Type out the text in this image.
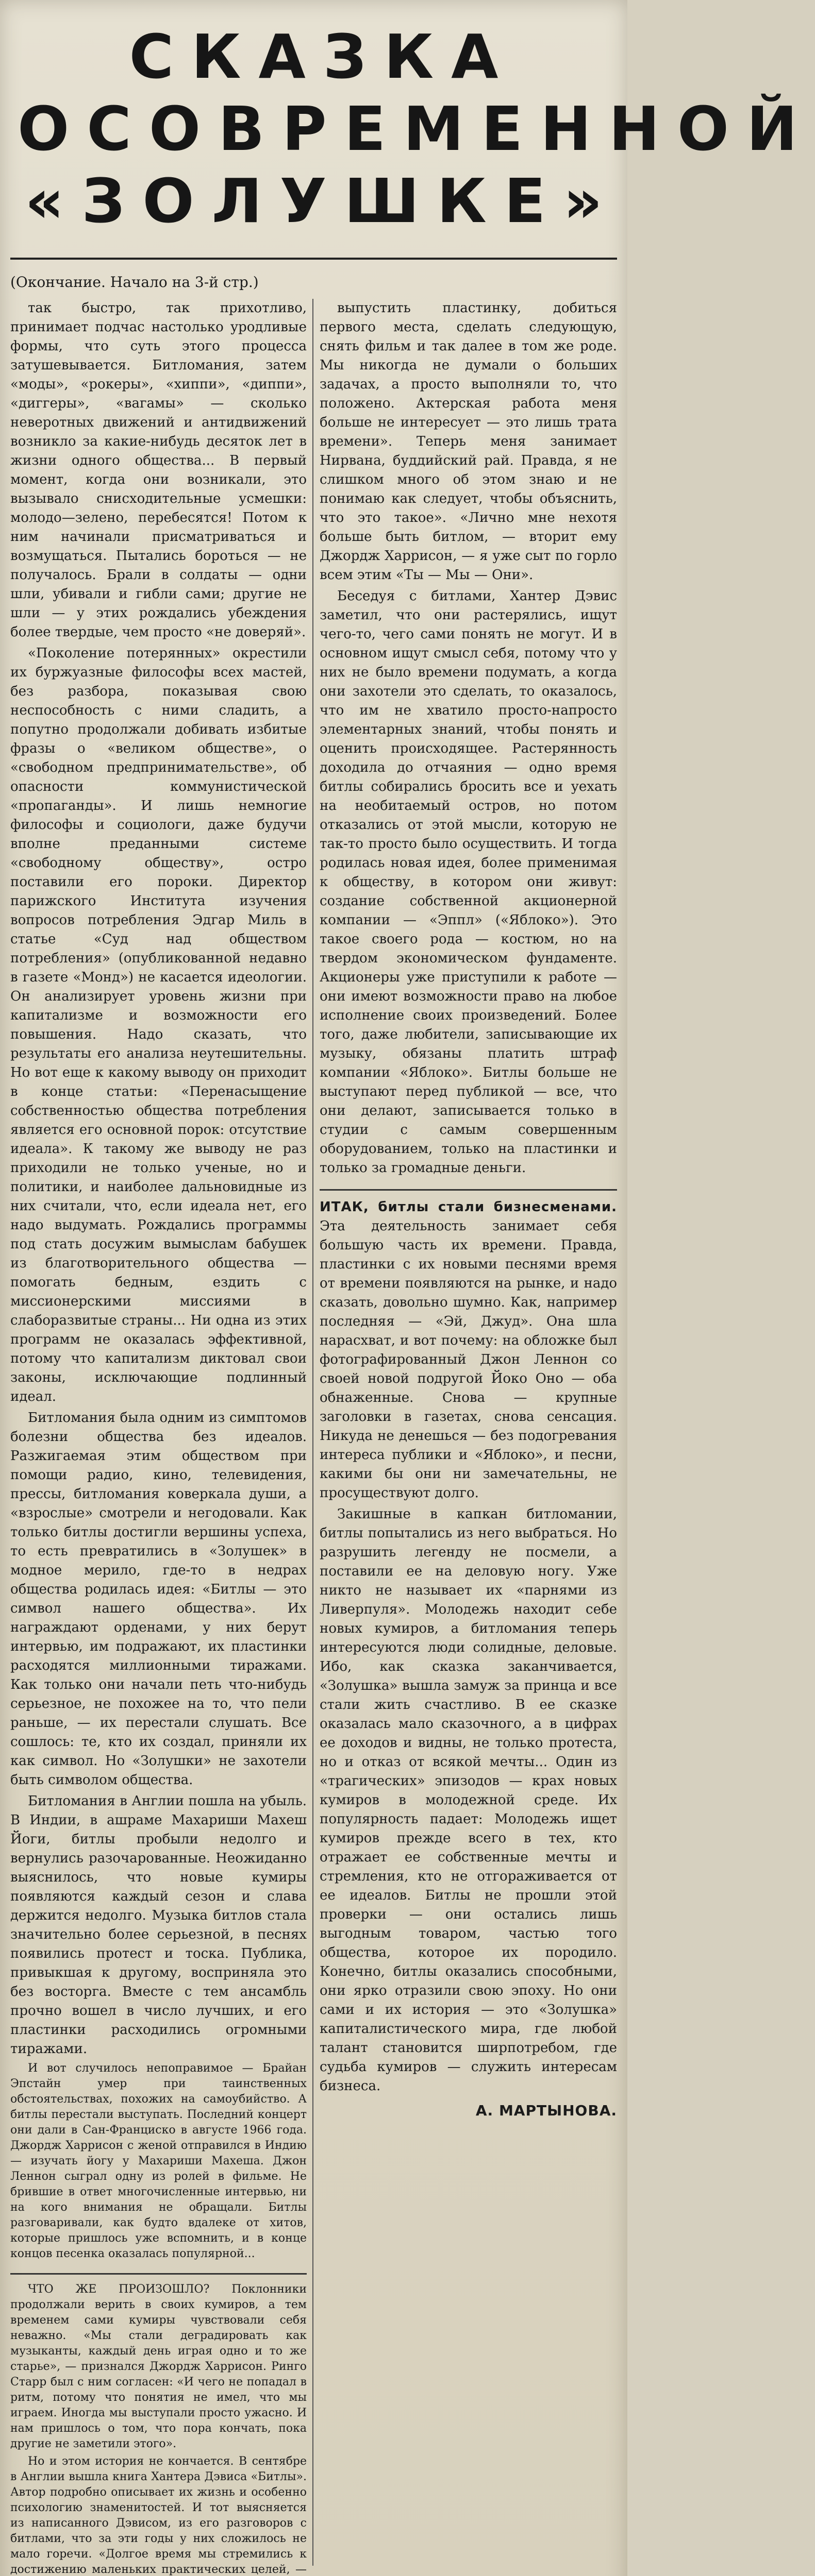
СКАЗКА
ОСОВРЕМЕННОЙ
«ЗОЛУШКЕ»
(Окончание. Начало на 3-й стр.)

так быстро, так прихотливо, принимает подчас настолько уродливые формы, что суть этого процесса затушевывается. Битломания, затем «моды», «рокеры», «хиппи», «диппи», «диггеры», «вагамы» — сколько неверотных движений и антидвижений возникло за какие-нибудь десяток лет в жизни одного общества... В первый момент, когда они возникали, это вызывало снисходительные усмешки: молодо—зелено, перебесятся! Потом к ним начинали присматриваться и возмущаться. Пытались бороться — не получалось. Брали в солдаты — одни шли, убивали и гибли сами; другие не шли — у этих рождались убеждения более твердые, чем просто «не доверяй».

«Поколение потерянных» окрестили их буржуазные философы всех мастей, без разбора, показывая свою неспособность с ними сладить, а попутно продолжали добивать избитые фразы о «великом обществе», о «свободном предпринимательстве», об опасности коммунистической «пропаганды». И лишь немногие философы и социологи, даже будучи вполне преданными системе «свободному обществу», остро поставили его пороки. Директор парижского Института изучения вопросов потребления Эдгар Миль в статье «Суд над обществом потребления» (опубликованной недавно в газете «Монд») не касается идеологии. Он анализирует уровень жизни при капитализме и возможности его повышения. Надо сказать, что результаты его анализа неутешительны. Но вот еще к какому выводу он приходит в конце статьи: «Перенасыщение собственностью общества потребления является его основной порок: отсутствие идеала». К такому же выводу не раз приходили не только ученые, но и политики, и наиболее дальновидные из них считали, что, если идеала нет, его надо выдумать. Рождались программы под стать досужим вымыслам бабушек из благотворительного общества — помогать бедным, ездить с миссионерскими миссиями в слаборазвитые страны... Ни одна из этих программ не оказалась эффективной, потому что капитализм диктовал свои законы, исключающие подлинный идеал.

Битломания была одним из симптомов болезни общества без идеалов. Разжигаемая этим обществом при помощи радио, кино, телевидения, прессы, битломания коверкала души, а «взрослые» смотрели и негодовали. Как только битлы достигли вершины успеха, то есть превратились в «Золушек» в модное мерило, где-то в недрах общества родилась идея: «Битлы — это символ нашего общества». Их награждают орденами, у них берут интервью, им подражают, их пластинки расходятся миллионными тиражами. Как только они начали петь что-нибудь серьезное, не похожее на то, что пели раньше, — их перестали слушать. Все сошлось: те, кто их создал, приняли их как символ. Но «Золушки» не захотели быть символом общества.

Битломания в Англии пошла на убыль. В Индии, в ашраме Махариши Махеш Йоги, битлы пробыли недолго и вернулись разочарованные. Неожиданно выяснилось, что новые кумиры появляются каждый сезон и слава держится недолго. Музыка битлов стала значительно более серьезной, в песнях появились протест и тоска. Публика, привыкшая к другому, восприняла это без восторга. Вместе с тем ансамбль прочно вошел в число лучших, и его пластинки расходились огромными тиражами.

И вот случилось непоправимое — Брайан Эпстайн умер при таинственных обстоятельствах, похожих на самоубийство. А битлы перестали выступать. Последний концерт они дали в Сан-Франциско в августе 1966 года. Джордж Харрисон с женой отправился в Индию — изучать йогу у Махариши Махеша. Джон Леннон сыграл одну из ролей в фильме. Не брившие в ответ многочисленные интервью, ни на кого внимания не обращали. Битлы разговаривали, как будто вдалеке от хитов, которые пришлось уже вспомнить, и в конце концов песенка оказалась популярной...

ЧТО ЖЕ ПРОИЗОШЛО? Поклонники продолжали верить в своих кумиров, а тем временем сами кумиры чувствовали себя неважно. «Мы стали деградировать как музыканты, каждый день играя одно и то же старье», — признался Джордж Харрисон. Ринго Старр был с ним согласен: «И чего не попадал в ритм, потому что понятия не имел, что мы играем. Иногда мы выступали просто ужасно. И нам пришлось о том, что пора кончать, пока другие не заметили этого».

Но и этом история не кончается. В сентябре в Англии вышла книга Хантера Дэвиса «Битлы». Автор подробно описывает их жизнь и особенно психологию знаменитостей. И тот выясняется из написанного Дэвисом, из его разговоров с битлами, что за эти годы у них сложилось не мало горечи. «Долгое время мы стремились к достижению маленьких практических целей, —

выпустить пластинку, добиться первого места, сделать следующую, снять фильм и так далее в том же роде. Мы никогда не думали о больших задачах, а просто выполняли то, что положено. Актерская работа меня больше не интересует — это лишь трата времени». Теперь меня занимает Нирвана, буддийский рай. Правда, я не слишком много об этом знаю и не понимаю как следует, чтобы объяснить, что это такое». «Лично мне нехотя больше быть битлом, — вторит ему Джордж Харрисон, — я уже сыт по горло всем этим «Ты — Мы — Они».

Беседуя с битлами, Хантер Дэвис заметил, что они растерялись, ищут чего-то, чего сами понять не могут. И в основном ищут смысл себя, потому что у них не было времени подумать, а когда они захотели это сделать, то оказалось, что им не хватило просто-напросто элементарных знаний, чтобы понять и оценить происходящее. Растерянность доходила до отчаяния — одно время битлы собирались бросить все и уехать на необитаемый остров, но потом отказались от этой мысли, которую не так-то просто было осуществить. И тогда родилась новая идея, более применимая к обществу, в котором они живут: создание собственной акционерной компании — «Эппл» («Яблоко»). Это такое своего рода — костюм, но на твердом экономическом фундаменте. Акционеры уже приступили к работе — они имеют возможности право на любое исполнение своих произведений. Более того, даже любители, записывающие их музыку, обязаны платить штраф компании «Яблоко». Битлы больше не выступают перед публикой — все, что они делают, записывается только в студии с самым совершенным оборудованием, только на пластинки и только за громадные деньги.

ИТАК, битлы стали бизнесменами. Эта деятельность занимает себя большую часть их времени. Правда, пластинки с их новыми песнями время от времени появляются на рынке, и надо сказать, довольно шумно. Как, например последняя — «Эй, Джуд». Она шла нарасхват, и вот почему: на обложке был фотографированный Джон Леннон со своей новой подругой Йоко Оно — оба обнаженные. Снова — крупные заголовки в газетах, снова сенсация. Никуда не денешься — без подогревания интереса публики и «Яблоко», и песни, какими бы они ни замечательны, не просуществуют долго.

Закишные в капкан битломании, битлы попытались из него выбраться. Но разрушить легенду не посмели, а поставили ее на деловую ногу. Уже никто не называет их «парнями из Ливерпуля». Молодежь находит себе новых кумиров, а битломания теперь интересуются люди солидные, деловые. Ибо, как сказка заканчивается, «Золушка» вышла замуж за принца и все стали жить счастливо. В ее сказке оказалась мало сказочного, а в цифрах ее доходов и видны, не только протеста, но и отказ от всякой мечты... Один из «трагических» эпизодов — крах новых кумиров в молодежной среде. Их популярность падает: Молодежь ищет кумиров прежде всего в тех, кто отражает ее собственные мечты и стремления, кто не отгораживается от ее идеалов. Битлы не прошли этой проверки — они остались лишь выгодным товаром, частью того общества, которое их породило. Конечно, битлы оказались способными, они ярко отразили свою эпоху. Но они сами и их история — это «Золушка» капиталистического мира, где любой талант становится ширпотребом, где судьба кумиров — служить интересам бизнеса.

А. МАРТЫНОВА.
